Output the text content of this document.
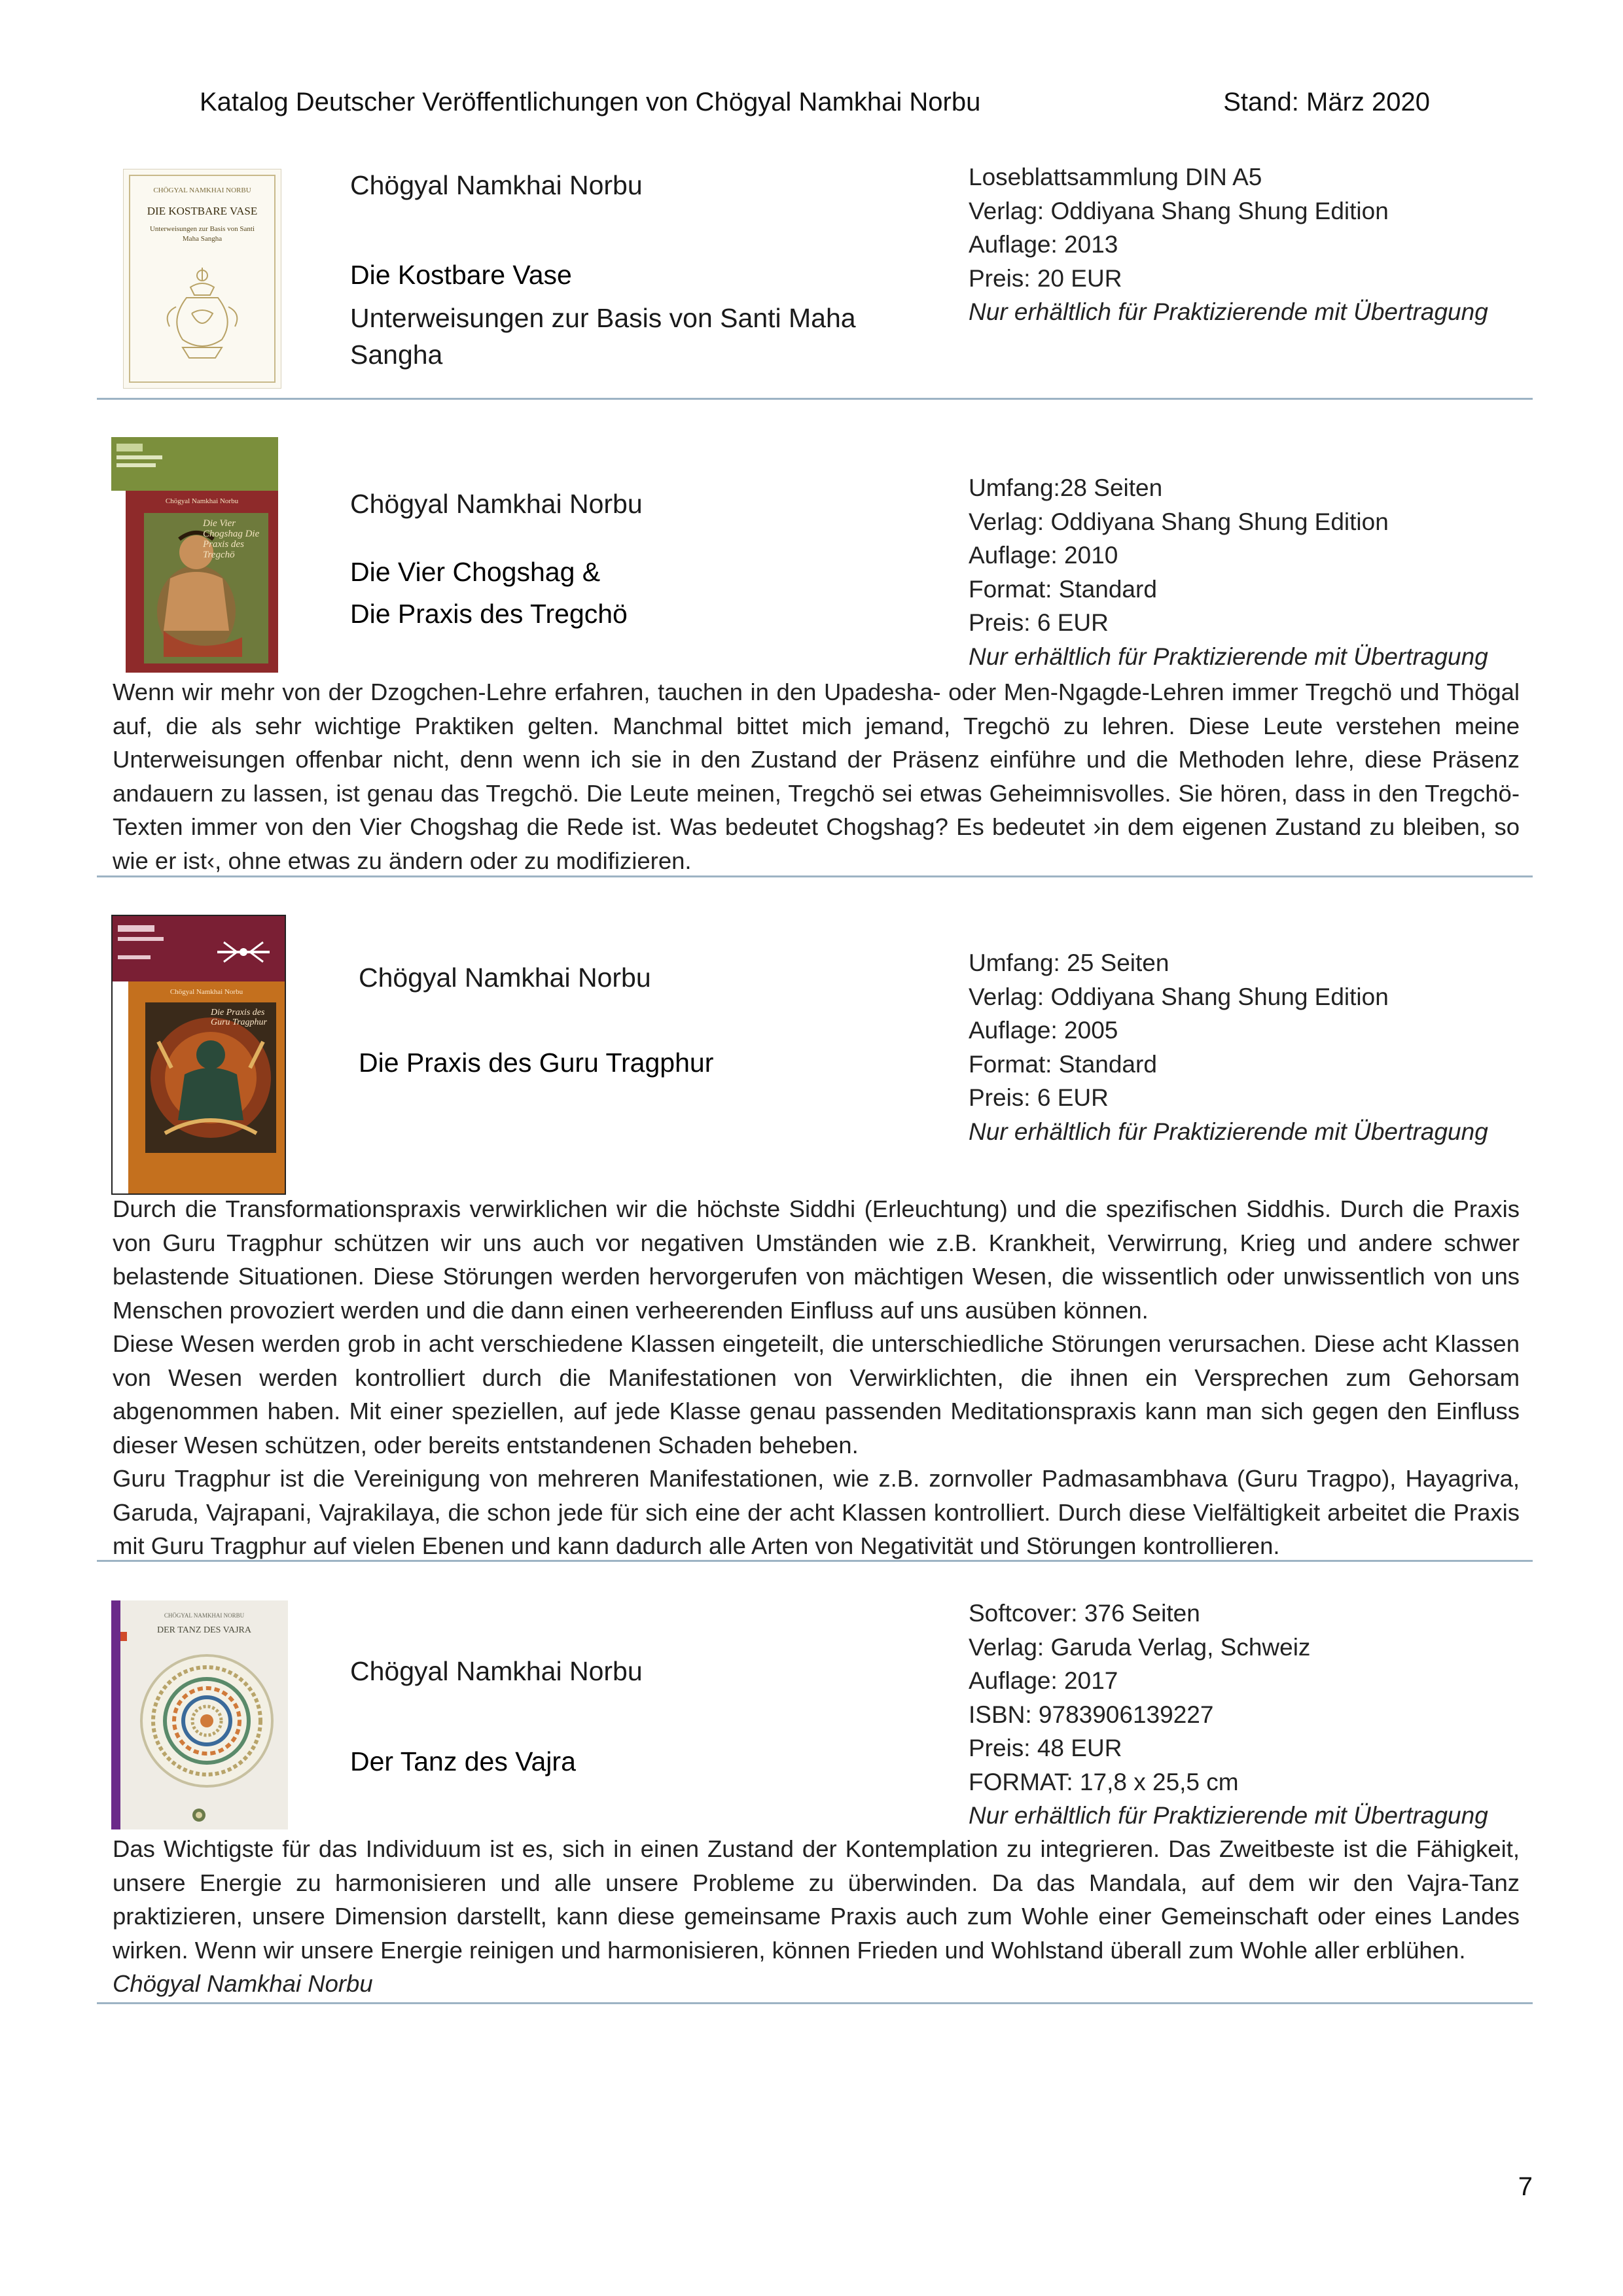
Katalog Deutscher Veröffentlichungen von Chögyal Namkhai Norbu	Stand: März 2020
CHÖGYAL NAMKHAI NORBU
DIE KOSTBARE VASE
Unterweisungen zur Basis von Santi Maha Sangha
Chögyal Namkhai Norbu
Die Kostbare Vase
Unterweisungen zur Basis von Santi Maha Sangha
Loseblattsammlung DIN A5
Verlag: Oddiyana Shang Shung Edition
Auflage: 2013
Preis: 20 EUR
Nur erhältlich für Praktizierende mit Übertragung
Chögyal Namkhai Norbu
Die Vier Chogshag Die Praxis des Tregchö
Chögyal Namkhai Norbu
Die Vier Chogshag &
Die Praxis des Tregchö
Umfang:28 Seiten
Verlag: Oddiyana Shang Shung Edition
Auflage: 2010
Format: Standard
Preis: 6 EUR
Nur erhältlich für Praktizierende mit Übertragung

Wenn wir mehr von der Dzogchen-Lehre erfahren, tauchen in den Upadesha- oder Men-Ngagde-Lehren immer Tregchö und Thögal auf, die als sehr wichtige Praktiken gelten. Manchmal bittet mich jemand, Tregchö zu lehren. Diese Leute verstehen meine Unterweisungen offenbar nicht, denn wenn ich sie in den Zustand der Präsenz einführe und die Methoden lehre, diese Präsenz andauern zu lassen, ist genau das Tregchö. Die Leute meinen, Tregchö sei etwas Geheimnisvolles. Sie hören, dass in den Tregchö-Texten immer von den Vier Chogshag die Rede ist. Was bedeutet Chogshag? Es bedeutet ›in dem eigenen Zustand zu bleiben, so wie er ist‹, ohne etwas zu ändern oder zu modifizieren.

Chögyal Namkhai Norbu
Die Praxis des Guru Tragphur
Chögyal Namkhai Norbu
Die Praxis des Guru Tragphur
Umfang: 25 Seiten
Verlag: Oddiyana Shang Shung Edition
Auflage: 2005
Format: Standard
Preis: 6 EUR
Nur erhältlich für Praktizierende mit Übertragung

Durch die Transformationspraxis verwirklichen wir die höchste Siddhi (Erleuchtung) und die spezifischen Siddhis. Durch die Praxis von Guru Tragphur schützen wir uns auch vor negativen Umständen wie z.B. Krankheit, Verwirrung, Krieg und andere schwer belastende Situationen. Diese Störungen werden hervorgerufen von mächtigen Wesen, die wissentlich oder unwissentlich von uns Menschen provoziert werden und die dann einen verheerenden Einfluss auf uns ausüben können.

Diese Wesen werden grob in acht verschiedene Klassen eingeteilt, die unterschiedliche Störungen verursachen. Diese acht Klassen von Wesen werden kontrolliert durch die Manifestationen von Verwirklichten, die ihnen ein Versprechen zum Gehorsam abgenommen haben. Mit einer speziellen, auf jede Klasse genau passenden Meditationspraxis kann man sich gegen den Einfluss dieser Wesen schützen, oder bereits entstandenen Schaden beheben.

Guru Tragphur ist die Vereinigung von mehreren Manifestationen, wie z.B. zornvoller Padmasambhava (Guru Tragpo), Hayagriva, Garuda, Vajrapani, Vajrakilaya, die schon jede für sich eine der acht Klassen kontrolliert. Durch diese Vielfältigkeit arbeitet die Praxis mit Guru Tragphur auf vielen Ebenen und kann dadurch alle Arten von Negativität und Störungen kontrollieren.

CHÖGYAL NAMKHAI NORBU
DER TANZ DES VAJRA
Chögyal Namkhai Norbu
Der Tanz des Vajra
Softcover: 376 Seiten
Verlag: Garuda Verlag, Schweiz
Auflage: 2017
ISBN: 9783906139227
Preis: 48 EUR
FORMAT: 17,8 x 25,5 cm
Nur erhältlich für Praktizierende mit Übertragung

Das Wichtigste für das Individuum ist es, sich in einen Zustand der Kontemplation zu integrieren. Das Zweitbeste ist die Fähigkeit, unsere Energie zu harmonisieren und alle unsere Probleme zu überwinden. Da das Mandala, auf dem wir den Vajra-Tanz praktizieren, unsere Dimension darstellt, kann diese gemeinsame Praxis auch zum Wohle einer Gemeinschaft oder eines Landes wirken. Wenn wir unsere Energie reinigen und harmonisieren, können Frieden und Wohlstand überall zum Wohle aller erblühen.

Chögyal Namkhai Norbu

7
